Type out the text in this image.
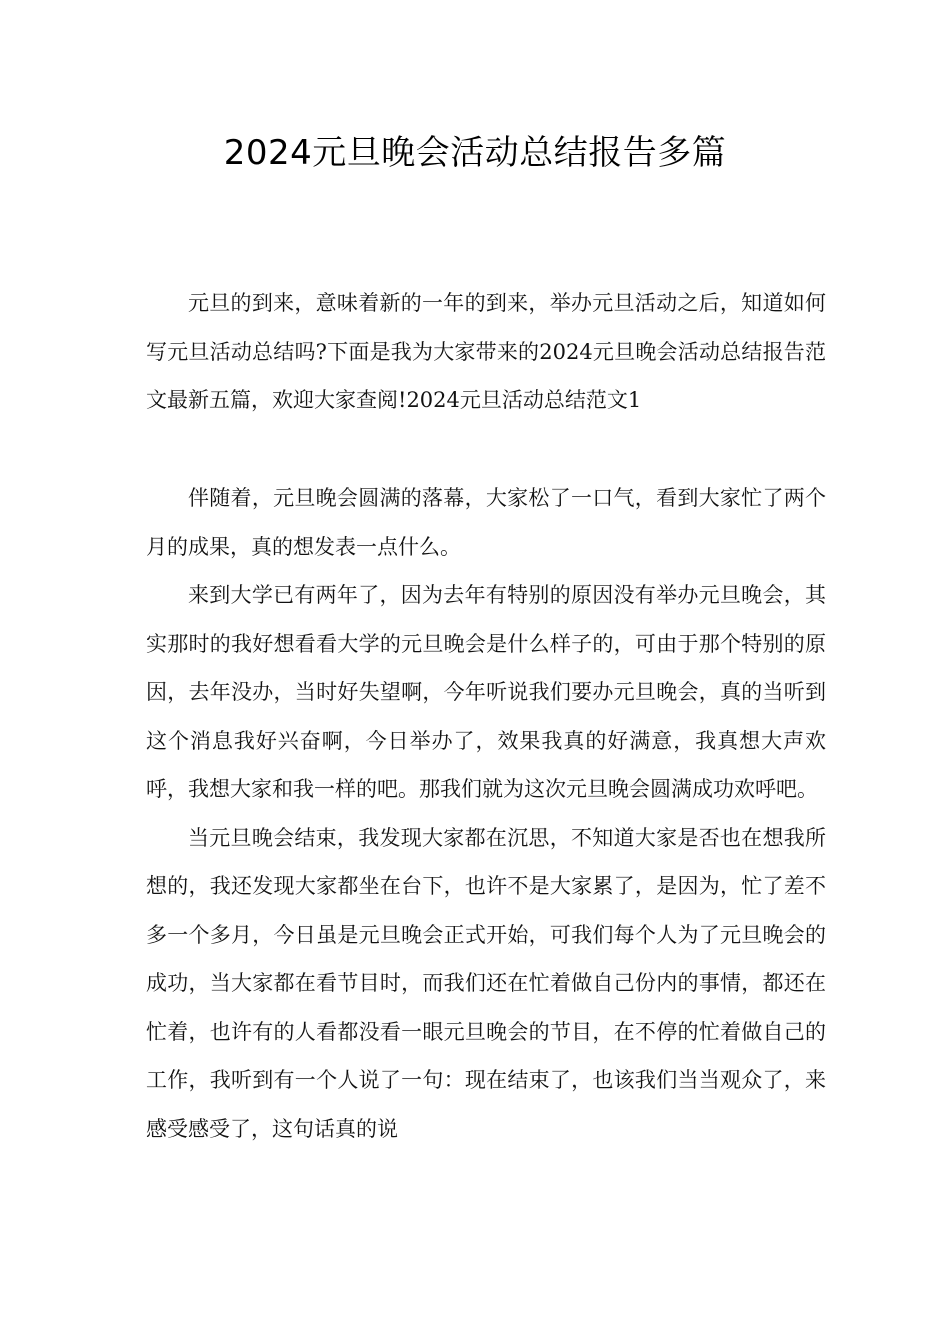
2024元旦晚会活动总结报告多篇

元旦的到来，意味着新的一年的到来，举办元旦活动之后，知道如何写元旦活动总结吗?下面是我为大家带来的2024元旦晚会活动总结报告范文最新五篇，欢迎大家查阅!2024元旦活动总结范文1

伴随着，元旦晚会圆满的落幕，大家松了一口气，看到大家忙了两个月的成果，真的想发表一点什么。

来到大学已有两年了，因为去年有特别的原因没有举办元旦晚会，其实那时的我好想看看大学的元旦晚会是什么样子的，可由于那个特别的原因，去年没办，当时好失望啊，今年听说我们要办元旦晚会，真的当听到这个消息我好兴奋啊，今日举办了，效果我真的好满意，我真想大声欢呼，我想大家和我一样的吧。那我们就为这次元旦晚会圆满成功欢呼吧。

当元旦晚会结束，我发现大家都在沉思，不知道大家是否也在想我所想的，我还发现大家都坐在台下，也许不是大家累了，是因为，忙了差不多一个多月，今日虽是元旦晚会正式开始，可我们每个人为了元旦晚会的成功，当大家都在看节目时，而我们还在忙着做自己份内的事情，都还在忙着，也许有的人看都没看一眼元旦晚会的节目，在不停的忙着做自己的工作，我听到有一个人说了一句：现在结束了，也该我们当当观众了，来感受感受了，这句话真的说
